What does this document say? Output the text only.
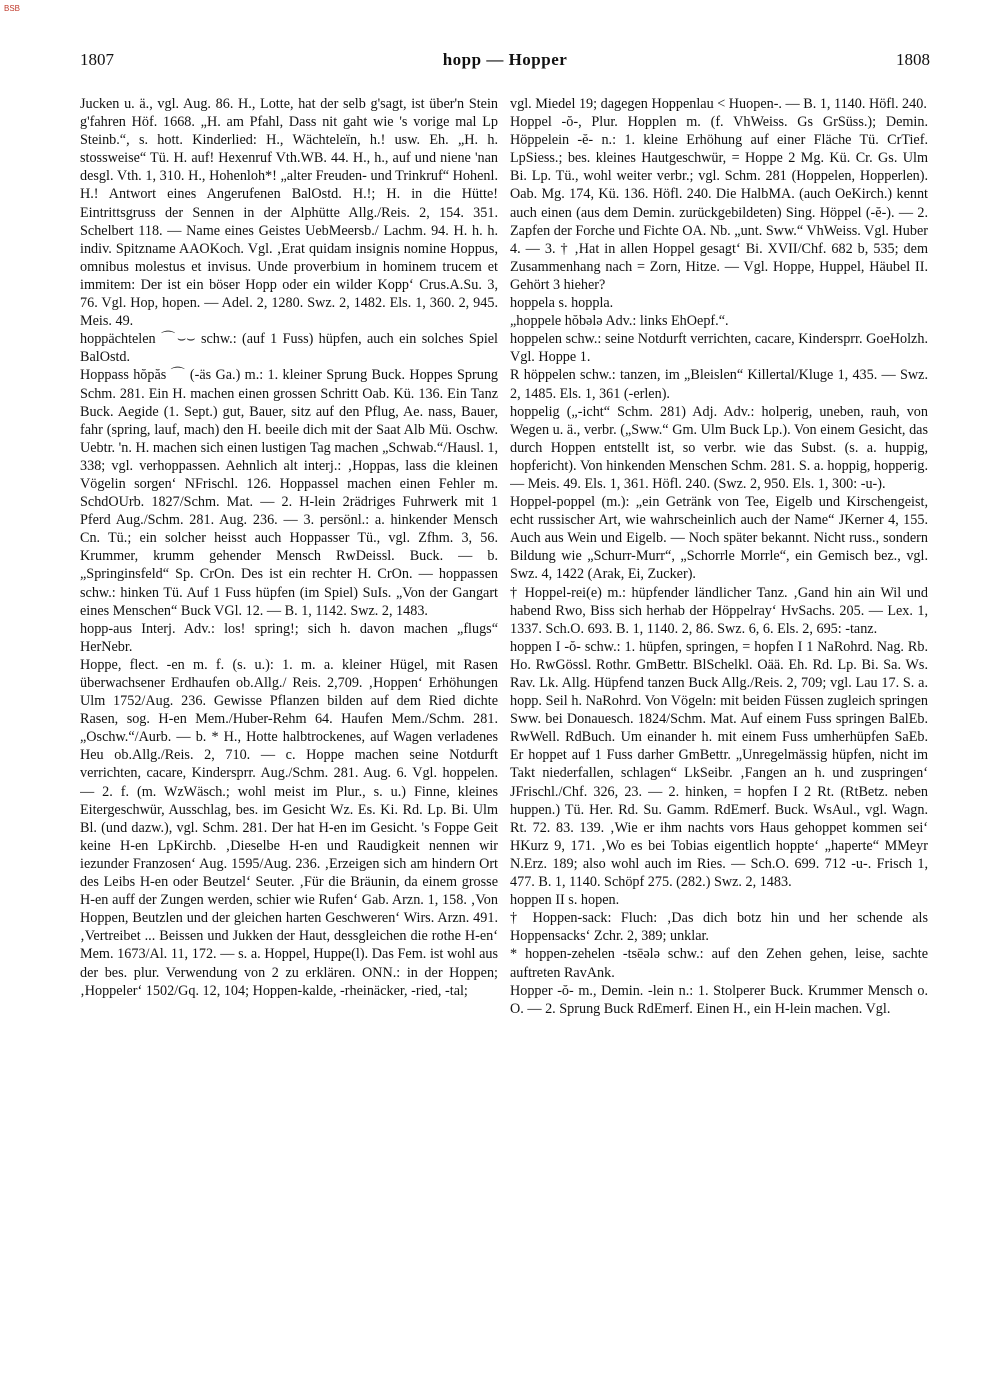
BSB
1807	hopp — Hopper	1808

Jucken u. ä., vgl. Aug. 86. H., Lotte, hat der selb g'sagt, ist über'n Stein g'fahren Höf. 1668. „H. am Pfahl, Dass nit gaht wie 's vorige mal Lp Steinb.“, s. hott. Kinderlied: H., Wächteleïn, h.! usw. Eh. „H. h. stossweise“ Tü. H. auf! Hexenruf Vth.WB. 44. H., h., auf und niene 'nan desgl. Vth. 1, 310. H., Hohenloh*! „alter Freuden- und Trinkruf“ Hohenl. H.! Antwort eines Angerufenen BalOstd. H.!; H. in die Hütte! Eintrittsgruss der Sennen in der Alphütte Allg./Reis. 2, 154. 351. Schelbert 118. — Name eines Geistes UebMeersb./ Lachm. 94. H. h. h. indiv. Spitzname AAOKoch. Vgl. ‚Erat quidam insignis nomine Hoppus, omnibus molestus et invisus. Unde proverbium in hominem trucem et immitem: Der ist ein böser Hopp oder ein wilder Kopp‘ Crus.A.Su. 3, 76. Vgl. Hop, hopen. — Adel. 2, 1280. Swz. 2, 1482. Els. 1, 360. 2, 945. Meis. 49.

hoppächtelen ⌒⌣⌣ schw.: (auf 1 Fuss) hüpfen, auch ein solches Spiel BalOstd.

Hoppass hŏpăs ⌒ (-äs Ga.) m.: 1. kleiner Sprung Buck. Hoppes Sprung Schm. 281. Ein H. machen einen grossen Schritt Oab. Kü. 136. Ein Tanz Buck. Aegide (1. Sept.) gut, Bauer, sitz auf den Pflug, Ae. nass, Bauer, fahr (spring, lauf, mach) den H. beeile dich mit der Saat Alb Mü. Oschw. Uebtr. 'n. H. machen sich einen lustigen Tag machen „Schwab.“/Hausl. 1, 338; vgl. verhoppassen. Aehnlich alt interj.: ‚Hoppas, lass die kleinen Vögelin sorgen‘ NFrischl. 126. Hoppassel machen einen Fehler m. SchdOUrb. 1827/Schm. Mat. — 2. H-lein 2rädriges Fuhrwerk mit 1 Pferd Aug./Schm. 281. Aug. 236. — 3. persönl.: a. hinkender Mensch Cn. Tü.; ein solcher heisst auch Hoppasser Tü., vgl. Zfhm. 3, 56. Krummer, krumm gehender Mensch RwDeissl. Buck. — b. „Springinsfeld“ Sp. CrOn. Des ist ein rechter H. CrOn. — hoppassen schw.: hinken Tü. Auf 1 Fuss hüpfen (im Spiel) SuIs. „Von der Gangart eines Menschen“ Buck VGl. 12. — B. 1, 1142. Swz. 2, 1483.

hopp-aus Interj. Adv.: los! spring!; sich h. davon machen „flugs“ HerNebr.

Hoppe, flect. -en m. f. (s. u.): 1. m. a. kleiner Hügel, mit Rasen überwachsener Erdhaufen ob.Allg./ Reis. 2,709. ‚Hoppen‘ Erhöhungen Ulm 1752/Aug. 236. Gewisse Pflanzen bilden auf dem Ried dichte Rasen, sog. H-en Mem./Huber-Rehm 64. Haufen Mem./Schm. 281. „Oschw.“/Aurb. — b. * H., Hotte halbtrockenes, auf Wagen verladenes Heu ob.Allg./Reis. 2, 710. — c. Hoppe machen seine Notdurft verrichten, cacare, Kindersprr. Aug./Schm. 281. Aug. 6. Vgl. hoppelen. — 2. f. (m. WzWäsch.; wohl meist im Plur., s. u.) Finne, kleines Eitergeschwür, Ausschlag, bes. im Gesicht Wz. Es. Ki. Rd. Lp. Bi. Ulm Bl. (und dazw.), vgl. Schm. 281. Der hat H-en im Gesicht. 's Foppe Geit keine H-en LpKirchb. ‚Dieselbe H-en und Raudigkeit nennen wir iezunder Franzosen‘ Aug. 1595/Aug. 236. ‚Erzeigen sich am hindern Ort des Leibs H-en oder Beutzel‘ Seuter. ‚Für die Bräunin, da einem grosse H-en auff der Zungen werden, schier wie Rufen‘ Gab. Arzn. 1, 158. ‚Von Hoppen, Beutzlen und der gleichen harten Geschweren‘ Wirs. Arzn. 491. ‚Vertreibet ... Beissen und Jukken der Haut, dessgleichen die rothe H-en‘ Mem. 1673/Al. 11, 172. — s. a. Hoppel, Huppe(l). Das Fem. ist wohl aus der bes. plur. Verwendung von 2 zu erklären. ONN.: in der Hoppen; ‚Hoppeler‘ 1502/Gq. 12, 104; Hoppen-kalde, -rheinäcker, -ried, -tal;

vgl. Miedel 19; dagegen Hoppenlau < Huopen-. — B. 1, 1140. Höfl. 240.

Hoppel -ŏ-, Plur. Hopplen m. (f. VhWeiss. Gs GrSüss.); Demin. Höppelein -ĕ- n.: 1. kleine Erhöhung auf einer Fläche Tü. CrTief. LpSiess.; bes. kleines Hautgeschwür, = Hoppe 2 Mg. Kü. Cr. Gs. Ulm Bi. Lp. Tü., wohl weiter verbr.; vgl. Schm. 281 (Hoppelen, Hopperlen). Oab. Mg. 174, Kü. 136. Höfl. 240. Die HalbMA. (auch OeKirch.) kennt auch einen (aus dem Demin. zurückgebildeten) Sing. Höppel (-ĕ-). — 2. Zapfen der Forche und Fichte OA. Nb. „unt. Sww.“ VhWeiss. Vgl. Huber 4. — 3. † ‚Hat in allen Hoppel gesagt‘ Bi. XVII/Chf. 682 b, 535; dem Zusammenhang nach = Zorn, Hitze. — Vgl. Hoppe, Huppel, Häubel II. Gehört 3 hieher?

hoppela s. hoppla.

„hoppele hŏbələ Adv.: links EhOepf.“.

hoppelen schw.: seine Notdurft verrichten, cacare, Kindersprr. GoeHolzh. Vgl. Hoppe 1.

R höppelen schw.: tanzen, im „Bleislen“ Killertal/Kluge 1, 435. — Swz. 2, 1485. Els. 1, 361 (-erlen).

hoppelig („-icht“ Schm. 281) Adj. Adv.: holperig, uneben, rauh, von Wegen u. ä., verbr. („Sww.“ Gm. Ulm Buck Lp.). Von einem Gesicht, das durch Hoppen entstellt ist, so verbr. wie das Subst. (s. a. huppig, hopfericht). Von hinkenden Menschen Schm. 281. S. a. hoppig, hopperig. — Meis. 49. Els. 1, 361. Höfl. 240. (Swz. 2, 950. Els. 1, 300: -u-).

Hoppel-poppel (m.): „ein Getränk von Tee, Eigelb und Kirschengeist, echt russischer Art, wie wahrscheinlich auch der Name“ JKerner 4, 155. Auch aus Wein und Eigelb. — Noch später bekannt. Nicht russ., sondern Bildung wie „Schurr-Murr“, „Schorrle Morrle“, ein Gemisch bez., vgl. Swz. 4, 1422 (Arak, Ei, Zucker).

† Hoppel-rei(e) m.: hüpfender ländlicher Tanz. ‚Gand hin ain Wil und habend Rwo, Biss sich herhab der Höppelray‘ HvSachs. 205. — Lex. 1, 1337. Sch.O. 693. B. 1, 1140. 2, 86. Swz. 6, 6. Els. 2, 695: -tanz.

hoppen I -ŏ- schw.: 1. hüpfen, springen, = hopfen I 1 NaRohrd. Nag. Rb. Ho. RwGössl. Rothr. GmBettr. BlSchelkl. Oää. Eh. Rd. Lp. Bi. Sa. Ws. Rav. Lk. Allg. Hüpfend tanzen Buck Allg./Reis. 2, 709; vgl. Lau 17. S. a. hopp. Seil h. NaRohrd. Von Vögeln: mit beiden Füssen zugleich springen Sww. bei Donauesch. 1824/Schm. Mat. Auf einem Fuss springen BalEb. RwWell. RdBuch. Um einander h. mit einem Fuss umherhüpfen SaEb. Er hoppet auf 1 Fuss darher GmBettr. „Unregelmässig hüpfen, nicht im Takt niederfallen, schlagen“ LkSeibr. ‚Fangen an h. und zuspringen‘ JFrischl./Chf. 326, 23. — 2. hinken, = hopfen I 2 Rt. (RtBetz. neben huppen.) Tü. Her. Rd. Su. Gamm. RdEmerf. Buck. WsAul., vgl. Wagn. Rt. 72. 83. 139. ‚Wie er ihm nachts vors Haus gehoppet kommen sei‘ HKurz 9, 171. ‚Wo es bei Tobias eigentlich hoppte‘ „haperte“ MMeyr N.Erz. 189; also wohl auch im Ries. — Sch.O. 699. 712 -u-. Frisch 1, 477. B. 1, 1140. Schöpf 275. (282.) Swz. 2, 1483.

hoppen II s. hopen.

† Hoppen-sack: Fluch: ‚Das dich botz hin und her schende als Hoppensacks‘ Zchr. 2, 389; unklar.

* hoppen-zehelen -tsēələ schw.: auf den Zehen gehen, leise, sachte auftreten RavAnk.

Hopper -ŏ- m., Demin. -lein n.: 1. Stolperer Buck. Krummer Mensch o. O. — 2. Sprung Buck RdEmerf. Einen H., ein H-lein machen. Vgl.
